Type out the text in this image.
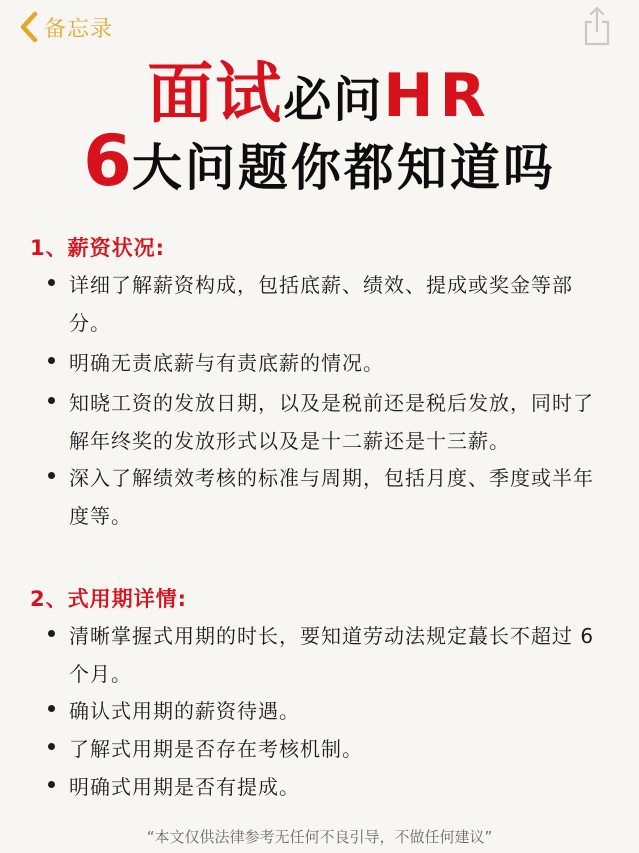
备忘录
面试必问HR
6大问题你都知道吗
1、薪资状况:
详细了解薪资构成，包括底薪、绩效、提成或奖金等部分。
明确无责底薪与有责底薪的情况。
知晓工资的发放日期，以及是税前还是税后发放，同时了解年终奖的发放形式以及是十二薪还是十三薪。
深入了解绩效考核的标准与周期，包括月度、季度或半年度等。
2、式用期详情:
清晰掌握式用期的时长，要知道劳动法规定蕞长不超过 6 个月。
确认式用期的薪资待遇。
了解式用期是否存在考核机制。
明确式用期是否有提成。
“本文仅供法律参考无任何不良引导，不做任何建议”
